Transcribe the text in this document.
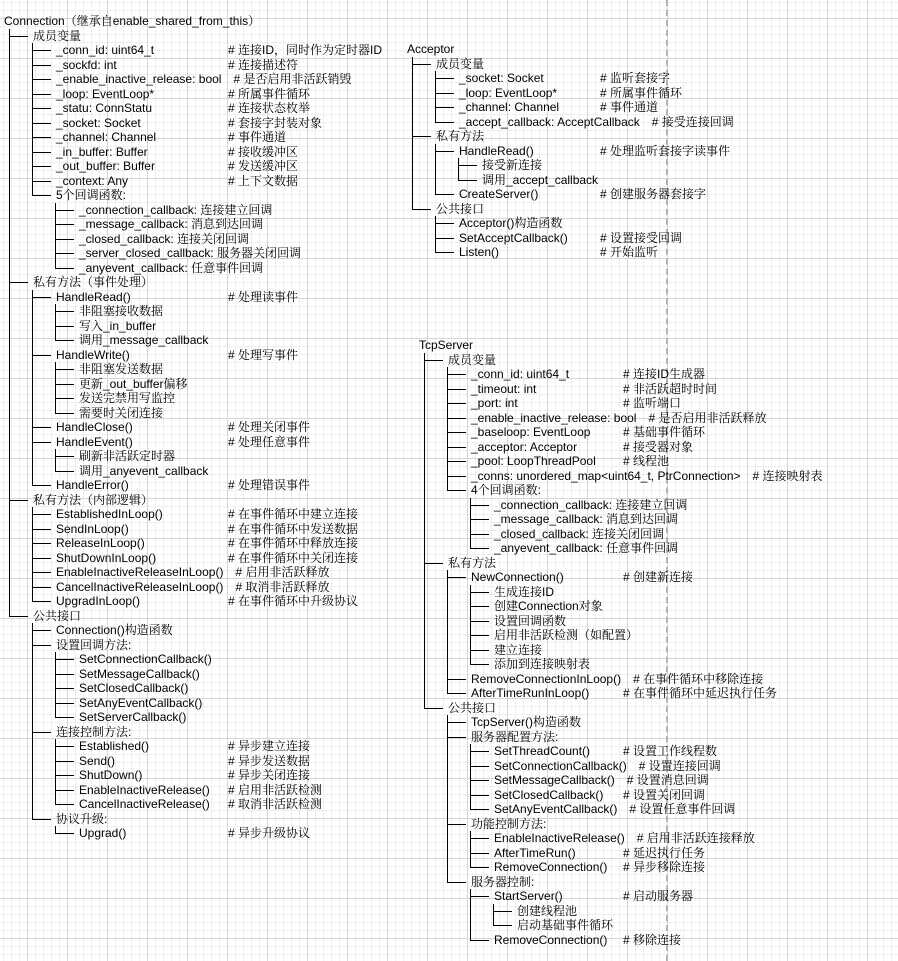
Connection（继承自enable_shared_from_this）
成员变量
_conn_id: uint64_t	# 连接ID，同时作为定时器ID
_sockfd: int	# 连接描述符
_enable_inactive_release: bool # 是否启用非活跃销毁
_loop: EventLoop*	# 所属事件循环
_statu: ConnStatu	# 连接状态枚举
_socket: Socket	# 套接字封装对象
_channel: Channel	# 事件通道
_in_buffer: Buffer	# 接收缓冲区
_out_buffer: Buffer	# 发送缓冲区
_context: Any	# 上下文数据
5个回调函数:
_connection_callback: 连接建立回调
_message_callback: 消息到达回调
_closed_callback: 连接关闭回调
_server_closed_callback: 服务器关闭回调
_anyevent_callback: 任意事件回调
私有方法（事件处理）
HandleRead()	# 处理读事件
非阻塞接收数据
写入_in_buffer
调用_message_callback
HandleWrite()	# 处理写事件
非阻塞发送数据
更新_out_buffer偏移
发送完禁用写监控
需要时关闭连接
HandleClose()	# 处理关闭事件
HandleEvent()	# 处理任意事件
刷新非活跃定时器
调用_anyevent_callback
HandleError()	# 处理错误事件
私有方法（内部逻辑）
EstablishedInLoop()	# 在事件循环中建立连接
SendInLoop()	# 在事件循环中发送数据
ReleaseInLoop()	# 在事件循环中释放连接
ShutDownInLoop()	# 在事件循环中关闭连接
EnableInactiveReleaseInLoop() # 启用非活跃释放
CancelInactiveReleaseInLoop() # 取消非活跃释放
UpgradInLoop()	# 在事件循环中升级协议
公共接口
Connection()构造函数
设置回调方法:
SetConnectionCallback()
SetMessageCallback()
SetClosedCallback()
SetAnyEventCallback()
SetServerCallback()
连接控制方法:
Established()	# 异步建立连接
Send()	# 异步发送数据
ShutDown()	# 异步关闭连接
EnableInactiveRelease() # 启用非活跃检测
CancelInactiveRelease() # 取消非活跃检测
协议升级:
Upgrad()	# 异步升级协议
Acceptor
成员变量
_socket: Socket	# 监听套接字
_loop: EventLoop*	# 所属事件循环
_channel: Channel	# 事件通道
_accept_callback: AcceptCallback # 接受连接回调
私有方法
HandleRead()	# 处理监听套接字读事件
接受新连接
调用_accept_callback
CreateServer()	# 创建服务器套接字
公共接口
Acceptor()构造函数
SetAcceptCallback()	# 设置接受回调
Listen()	# 开始监听
TcpServer
成员变量
_conn_id: uint64_t	# 连接ID生成器
_timeout: int	# 非活跃超时时间
_port: int	# 监听端口
_enable_inactive_release: bool # 是否启用非活跃释放
_baseloop: EventLoop	# 基础事件循环
_acceptor: Acceptor	# 接受器对象
_pool: LoopThreadPool # 线程池
_conns: unordered_map<uint64_t, PtrConnection> # 连接映射表
4个回调函数:
_connection_callback: 连接建立回调
_message_callback: 消息到达回调
_closed_callback: 连接关闭回调
_anyevent_callback: 任意事件回调
私有方法
NewConnection()	# 创建新连接
生成连接ID
创建Connection对象
设置回调函数
启用非活跃检测（如配置）
建立连接
添加到连接映射表
RemoveConnectionInLoop() # 在事件循环中移除连接
AfterTimeRunInLoop()	# 在事件循环中延迟执行任务
公共接口
TcpServer()构造函数
服务器配置方法:
SetThreadCount()	# 设置工作线程数
SetConnectionCallback() # 设置连接回调
SetMessageCallback() # 设置消息回调
SetClosedCallback() # 设置关闭回调
SetAnyEventCallback() # 设置任意事件回调
功能控制方法:
EnableInactiveRelease() # 启用非活跃连接释放
AfterTimeRun()	# 延迟执行任务
RemoveConnection() # 异步移除连接
服务器控制:
StartServer()	# 启动服务器
创建线程池
启动基础事件循环
RemoveConnection() # 移除连接
